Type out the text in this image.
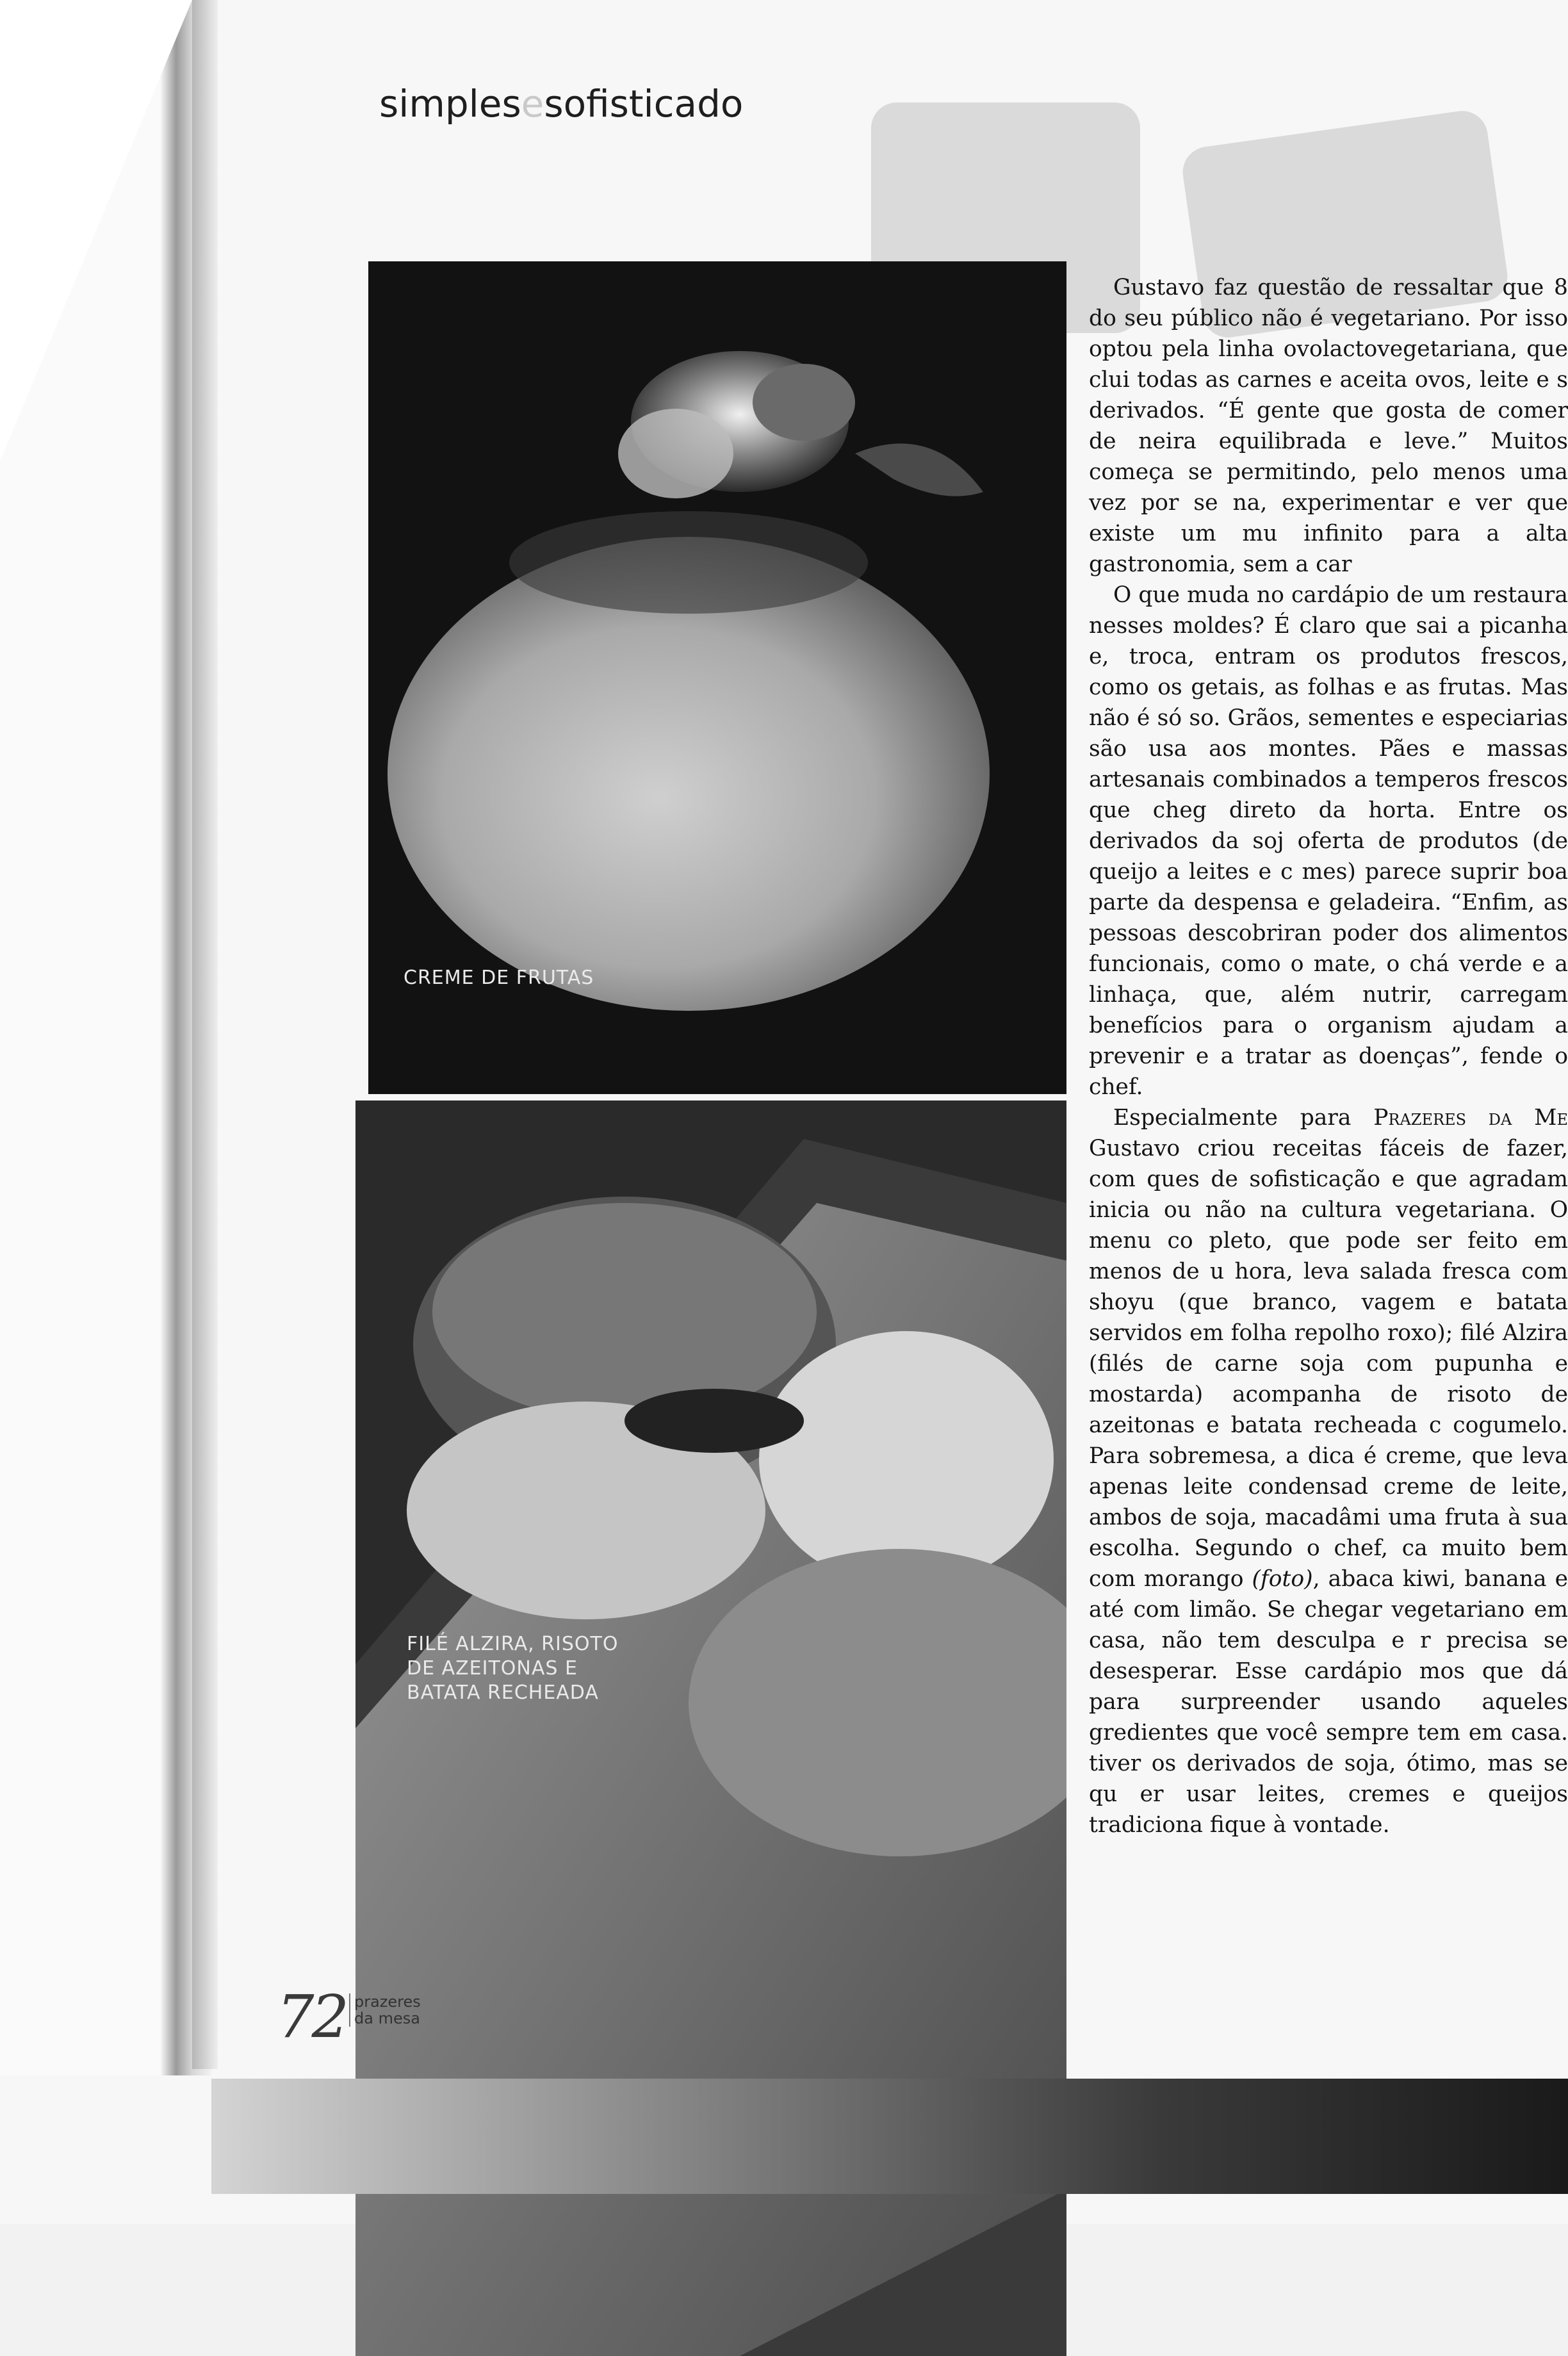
simplesesofisticado
CREME DE FRUTAS
FILÉ ALZIRA, RISOTO
DE AZEITONAS E
BATATA RECHEADA

Gustavo faz questão de ressaltar que 8 do seu público não é vegetariano. Por isso optou pela linha ovolactovegetariana, que clui todas as carnes e aceita ovos, leite e s derivados. “É gente que gosta de comer de neira equilibrada e leve.” Muitos começa se permitindo, pelo menos uma vez por se na, experimentar e ver que existe um mu infinito para a alta gastronomia, sem a car

O que muda no cardápio de um restaura nesses moldes? É claro que sai a picanha e, troca, entram os produtos frescos, como os getais, as folhas e as frutas. Mas não é só so. Grãos, sementes e especiarias são usa aos montes. Pães e massas artesanais combinados a temperos frescos que cheg direto da horta. Entre os derivados da soj oferta de produtos (de queijo a leites e c mes) parece suprir boa parte da despensa e geladeira. “Enfim, as pessoas descobriran poder dos alimentos funcionais, como o mate, o chá verde e a linhaça, que, além nutrir, carregam benefícios para o organism ajudam a prevenir e a tratar as doenças”, fende o chef.

Especialmente para Prazeres da Me Gustavo criou receitas fáceis de fazer, com ques de sofisticação e que agradam inicia ou não na cultura vegetariana. O menu co pleto, que pode ser feito em menos de u hora, leva salada fresca com shoyu (que branco, vagem e batata servidos em folha repolho roxo); filé Alzira (filés de carne soja com pupunha e mostarda) acompanha de risoto de azeitonas e batata recheada c cogumelo. Para sobremesa, a dica é creme, que leva apenas leite condensad creme de leite, ambos de soja, macadâmi uma fruta à sua escolha. Segundo o chef, ca muito bem com morango (foto), abaca kiwi, banana e até com limão. Se chegar vegetariano em casa, não tem desculpa e r precisa se desesperar. Esse cardápio mos que dá para surpreender usando aqueles gredientes que você sempre tem em casa. tiver os derivados de soja, ótimo, mas se qu er usar leites, cremes e queijos tradiciona fique à vontade.

72 prazeres
da mesa
